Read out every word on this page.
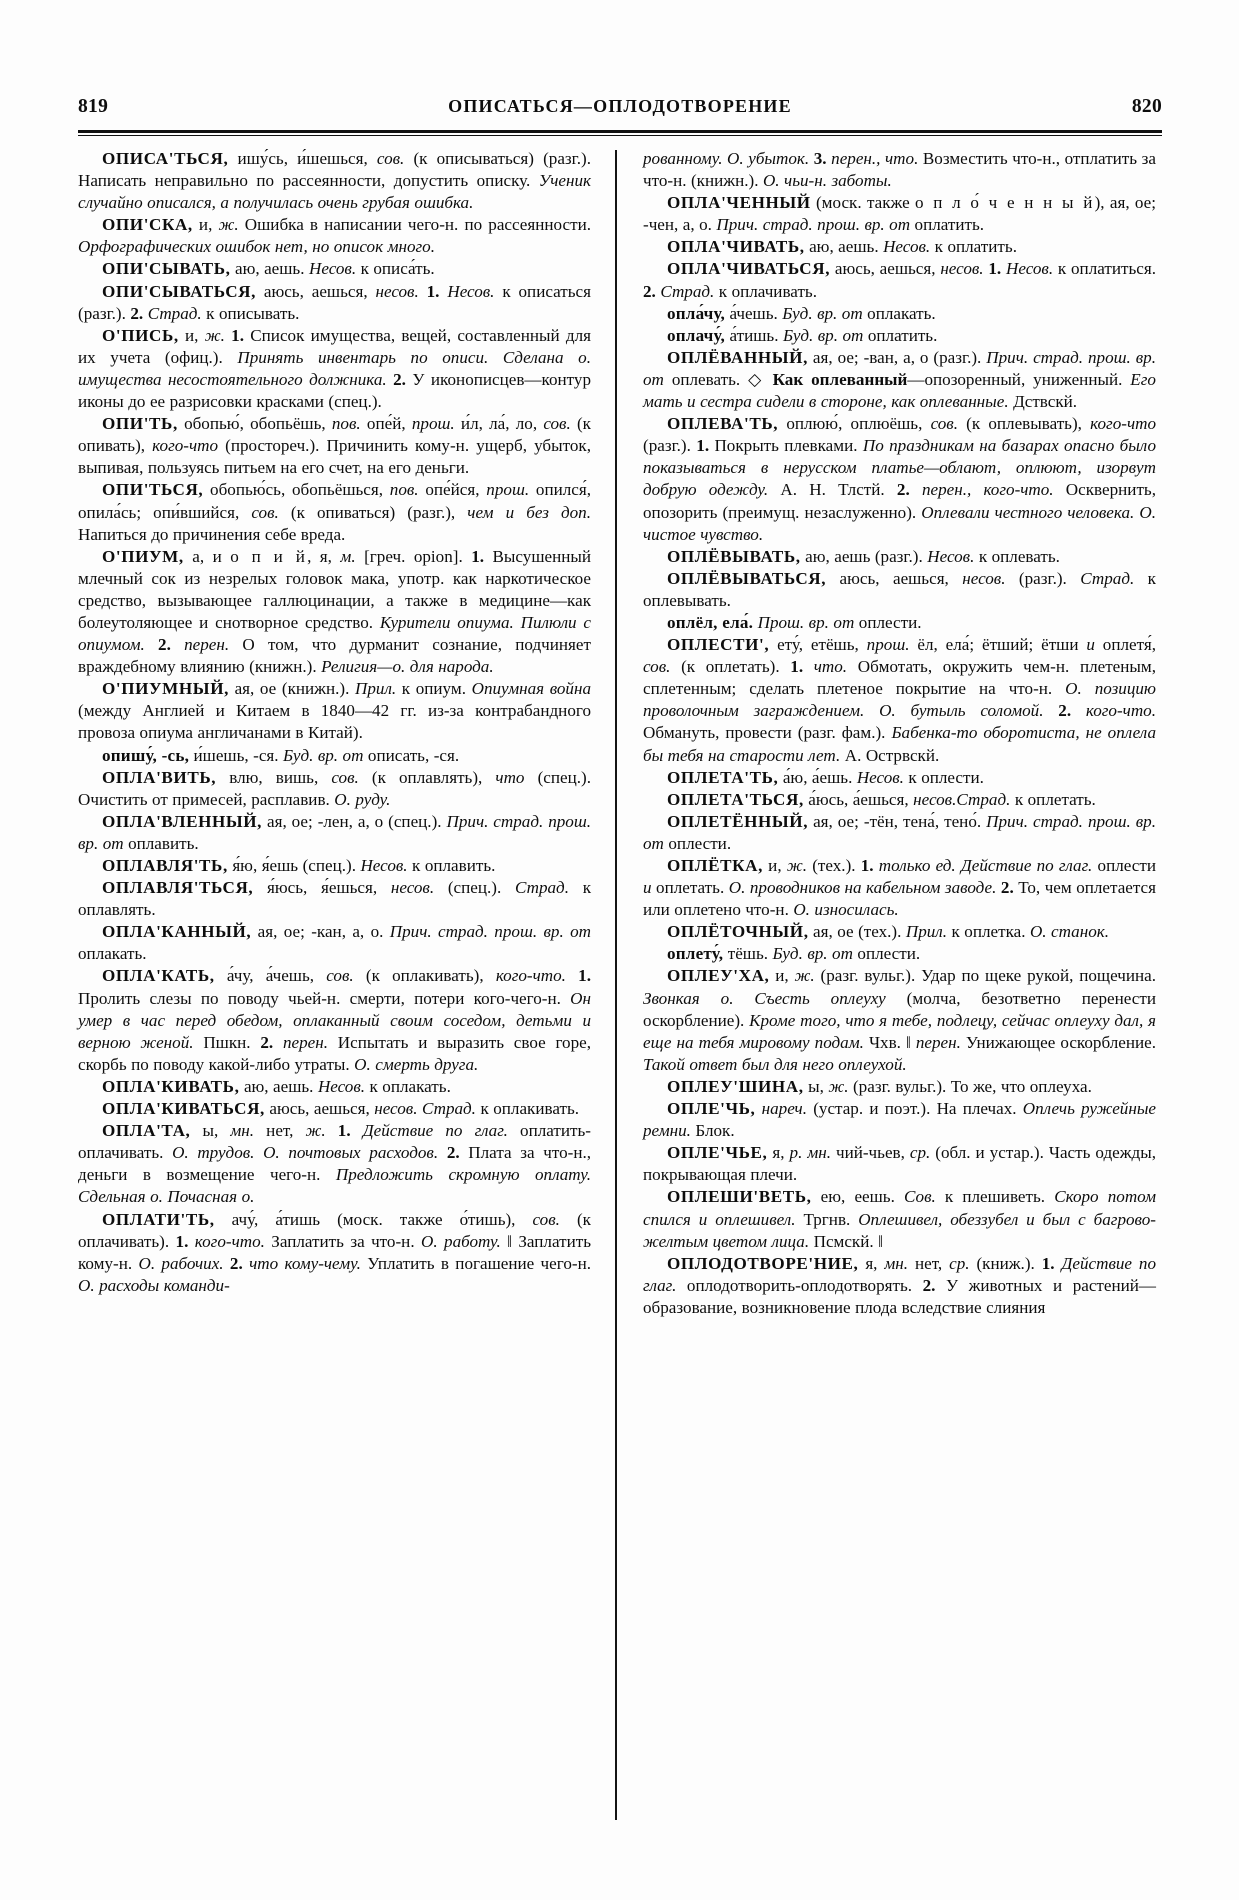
819	ОПИСАТЬСЯ—ОПЛОДОТВОРЕНИЕ	820

ОПИСА'ТЬСЯ, ишу́сь, и́шешься, сов. (к описываться) (разг.). Написать неправильно по рассеянности, допустить описку. Ученик случайно описался, а получилась очень грубая ошибка.

ОПИ'СКА, и, ж. Ошибка в написании чего-н. по рассеянности. Орфографических ошибок нет, но описок много.

ОПИ'СЫВАТЬ, аю, аешь. Несов. к описа́ть.

ОПИ'СЫВАТЬСЯ, аюсь, аешься, несов. 1. Несов. к описаться (разг.). 2. Страд. к описывать.

О'ПИСЬ, и, ж. 1. Список имущества, вещей, составленный для их учета (офиц.). Принять инвентарь по описи. Сделана о. имущества несостоятельного должника. 2. У иконописцев—контур иконы до ее разрисовки красками (спец.).

ОПИ'ТЬ, обопью́, обопьёшь, пов. опе́й, прош. и́л, ла́, ло, сов. (к опивать), кого-что (простореч.). Причинить кому-н. ущерб, убыток, выпивая, пользуясь питьем на его счет, на его деньги.

ОПИ'ТЬСЯ, обопью́сь, обопьёшься, пов. опе́йся, прош. опился́, опила́сь; опи́вшийся, сов. (к опиваться) (разг.), чем и без доп. Напиться до причинения себе вреда.

О'ПИУМ, а, и о п и й, я, м. [греч. opion]. 1. Высушенный млечный сок из незрелых головок мака, употр. как наркотическое средство, вызывающее галлюцинации, а также в медицине—как болеутоляющее и снотворное средство. Курители опиума. Пилюли с опиумом. 2. перен. О том, что дурманит сознание, подчиняет враждебному влиянию (книжн.). Религия—о. для народа.

О'ПИУМНЫЙ, ая, ое (книжн.). Прил. к опиум. Опиумная война (между Англией и Китаем в 1840—42 гг. из-за контрабандного провоза опиума англичанами в Китай).

опишу́, -сь, и́шешь, -ся. Буд. вр. от описать, -ся.

ОПЛА'ВИТЬ, влю, вишь, сов. (к оплавлять), что (спец.). Очистить от примесей, расплавив. О. руду.

ОПЛА'ВЛЕННЫЙ, ая, ое; -лен, а, о (спец.). Прич. страд. прош. вр. от оплавить.

ОПЛАВЛЯ'ТЬ, я́ю, я́ешь (спец.). Несов. к оплавить.

ОПЛАВЛЯ'ТЬСЯ, я́юсь, я́ешься, несов. (спец.). Страд. к оплавлять.

ОПЛА'КАННЫЙ, ая, ое; -кан, а, о. Прич. страд. прош. вр. от оплакать.

ОПЛА'КАТЬ, а́чу, а́чешь, сов. (к оплакивать), кого-что. 1. Пролить слезы по поводу чьей-н. смерти, потери кого-чего-н. Он умер в час перед обедом, оплаканный своим соседом, детьми и верною женой. Пшкн. 2. перен. Испытать и выразить свое горе, скорбь по поводу какой-либо утраты. О. смерть друга.

ОПЛА'КИВАТЬ, аю, аешь. Несов. к оплакать.

ОПЛА'КИВАТЬСЯ, аюсь, аешься, несов. Страд. к оплакивать.

ОПЛА'ТА, ы, мн. нет, ж. 1. Действие по глаг. оплатить-оплачивать. О. трудов. О. почтовых расходов. 2. Плата за что-н., деньги в возмещение чего-н. Предложить скромную оплату. Сдельная о. Почасная о.

ОПЛАТИ'ТЬ, ачу́, а́тишь (моск. также о́тишь), сов. (к оплачивать). 1. кого-что. Заплатить за что-н. О. работу. ‖ Заплатить кому-н. О. рабочих. 2. что кому-чему. Уплатить в погашение чего-н. О. расходы команди-

рованному. О. убыток. 3. перен., что. Возместить что-н., отплатить за что-н. (книжн.). О. чьи-н. заботы.

ОПЛА'ЧЕННЫЙ (моск. также о п л о́ ч е н н ы й), ая, ое; -чен, а, о. Прич. страд. прош. вр. от оплатить.

ОПЛА'ЧИВАТЬ, аю, аешь. Несов. к оплатить.

ОПЛА'ЧИВАТЬСЯ, аюсь, аешься, несов. 1. Несов. к оплатиться. 2. Страд. к оплачивать.

опла́чу, а́чешь. Буд. вр. от оплакать.

оплачу́, а́тишь. Буд. вр. от оплатить.

ОПЛЁВАННЫЙ, ая, ое; -ван, а, о (разг.). Прич. страд. прош. вр. от оплевать. ◇ Как оплеванный—опозоренный, униженный. Его мать и сестра сидели в стороне, как оплеванные. Дствскй.

ОПЛЕВА'ТЬ, оплюю́, оплюёшь, сов. (к оплевывать), кого-что (разг.). 1. Покрыть плевками. По праздникам на базарах опасно было показываться в нерусском платье—облают, оплюют, изорвут добрую одежду. А. Н. Тлстй. 2. перен., кого-что. Осквернить, опозорить (преимущ. незаслуженно). Оплевали честного человека. О. чистое чувство.

ОПЛЁВЫВАТЬ, аю, аешь (разг.). Несов. к оплевать.

ОПЛЁВЫВАТЬСЯ, аюсь, аешься, несов. (разг.). Страд. к оплевывать.

оплёл, ела́. Прош. вр. от оплести.

ОПЛЕСТИ', ету́, етёшь, прош. ёл, ела́; ётший; ётши и оплетя́, сов. (к оплетать). 1. что. Обмотать, окружить чем-н. плетеным, сплетенным; сделать плетеное покрытие на что-н. О. позицию проволочным заграждением. О. бутыль соломой. 2. кого-что. Обмануть, провести (разг. фам.). Бабенка-то оборотиста, не оплела бы тебя на старости лет. А. Острвскй.

ОПЛЕТА'ТЬ, а́ю, а́ешь. Несов. к оплести.

ОПЛЕТА'ТЬСЯ, а́юсь, а́ешься, несов.Страд. к оплетать.

ОПЛЕТЁННЫЙ, ая, ое; -тён, тена́, тено́. Прич. страд. прош. вр. от оплести.

ОПЛЁТКА, и, ж. (тех.). 1. только ед. Действие по глаг. оплести и оплетать. О. проводников на кабельном заводе. 2. То, чем оплетается или оплетено что-н. О. износилась.

ОПЛЁТОЧНЫЙ, ая, ое (тех.). Прил. к оплетка. О. станок.

оплету́, тёшь. Буд. вр. от оплести.

ОПЛЕУ'ХА, и, ж. (разг. вульг.). Удар по щеке рукой, пощечина. Звонкая о. Съесть оплеуху (молча, безответно перенести оскорбление). Кроме того, что я тебе, подлецу, сейчас оплеуху дал, я еще на тебя мировому подам. Чхв. ‖ перен. Унижающее оскорбление. Такой ответ был для него оплеухой.

ОПЛЕУ'ШИНА, ы, ж. (разг. вульг.). То же, что оплеуха.

ОПЛЕ'ЧЬ, нареч. (устар. и поэт.). На плечах. Оплечь ружейные ремни. Блок.

ОПЛЕ'ЧЬЕ, я, р. мн. чий-чьев, ср. (обл. и устар.). Часть одежды, покрывающая плечи.

ОПЛЕШИ'ВЕТЬ, ею, еешь. Сов. к плешиветь. Скоро потом спился и оплешивел. Тргнв. Оплешивел, обеззубел и был с багрово-желтым цветом лица. Псмскй. ‖

ОПЛОДОТВОРЕ'НИЕ, я, мн. нет, ср. (книж.). 1. Действие по глаг. оплодотворить-оплодотворять. 2. У животных и растений—образование, возникновение плода вследствие слияния
